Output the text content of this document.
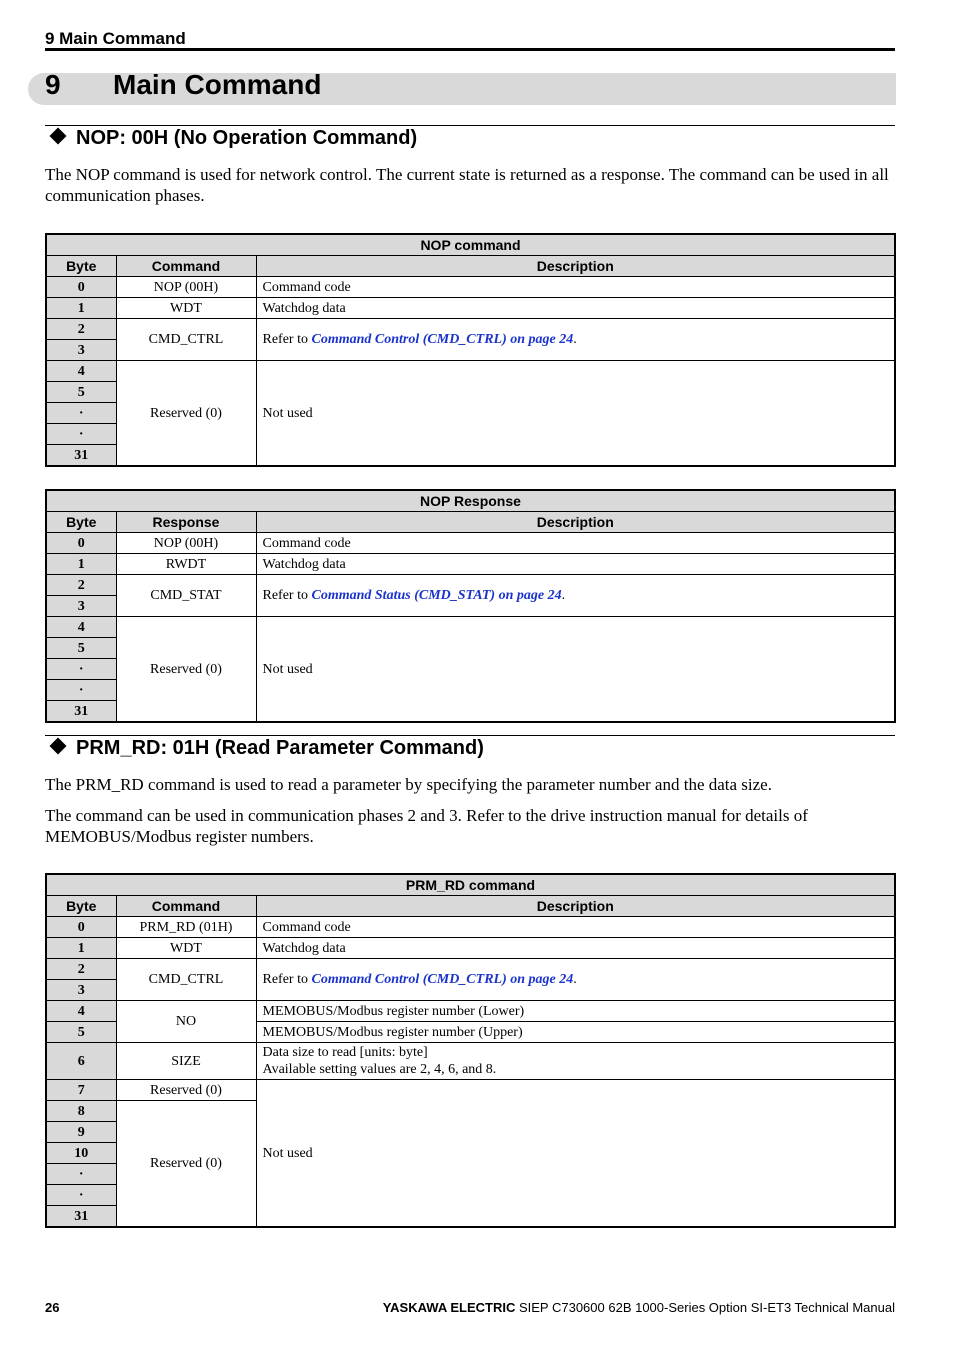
9 Main Command
9 Main Command
NOP: 00H (No Operation Command)
The NOP command is used for network control. The current state is returned as a response. The command can be used in all communication phases.
NOP command		
Byte	Command	Description
0	NOP (00H)	Command code
1	WDT	Watchdog data
2	CMD_CTRL	Refer to Command Control (CMD_CTRL) on page 24.
3		
4	Reserved (0)	Not used
5		
·		
·		
31		
NOP Response		
Byte	Response	Description
0	NOP (00H)	Command code
1	RWDT	Watchdog data
2	CMD_STAT	Refer to Command Status (CMD_STAT) on page 24.
3		
4	Reserved (0)	Not used
5		
·		
·		
31		
PRM_RD: 01H (Read Parameter Command)
The PRM_RD command is used to read a parameter by specifying the parameter number and the data size.
The command can be used in communication phases 2 and 3. Refer to the drive instruction manual for details of MEMOBUS/Modbus register numbers.
PRM_RD command		
Byte	Command	Description
0	PRM_RD (01H)	Command code
1	WDT	Watchdog data
2	CMD_CTRL	Refer to Command Control (CMD_CTRL) on page 24.
3		
4	NO	MEMOBUS/Modbus register number (Lower)
5		MEMOBUS/Modbus register number (Upper)
6	SIZE	Data size to read [units: byte]
Available setting values are 2, 4, 6, and 8.

7	Reserved (0)	Not used
8	Reserved (0)	
9		
10		
·		
·		
31		
26	YASKAWA ELECTRIC SIEP C730600 62B 1000-Series Option SI-ET3 Technical Manual
